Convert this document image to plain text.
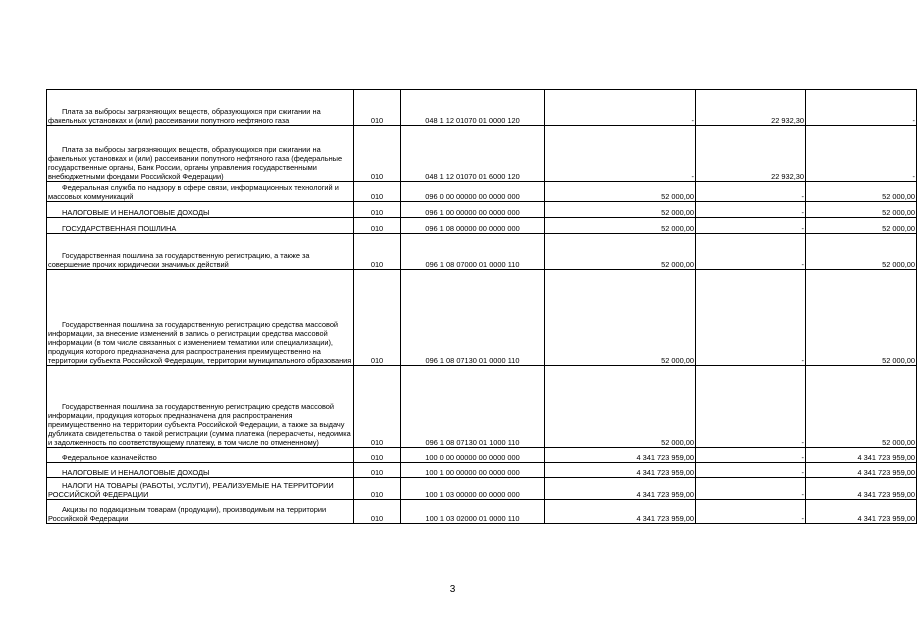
Плата за выбросы загрязняющих веществ, образующихся при сжигании на факельных установках и (или) рассеивании попутного нефтяного газа	010	048 1 12 01070 01 0000 120	-	22 932,30	-

Плата за выбросы загрязняющих веществ, образующихся при сжигании на факельных установках и (или) рассеивании попутного нефтяного газа (федеральные государственные органы, Банк России, органы управления государственными внебюджетными фондами Российской Федерации)	010	048 1 12 01070 01 6000 120	-	22 932,30	-

Федеральная служба по надзору в сфере связи, информационных технологий и массовых коммуникаций	010	096 0 00 00000 00 0000 000	52 000,00	-	52 000,00

НАЛОГОВЫЕ И НЕНАЛОГОВЫЕ ДОХОДЫ	010	096 1 00 00000 00 0000 000	52 000,00	-	52 000,00

ГОСУДАРСТВЕННАЯ ПОШЛИНА	010	096 1 08 00000 00 0000 000	52 000,00	-	52 000,00

Государственная пошлина за государственную регистрацию, а также за совершение прочих юридически значимых действий	010	096 1 08 07000 01 0000 110	52 000,00	-	52 000,00

Государственная пошлина за государственную регистрацию средства массовой информации, за внесение изменений в запись о регистрации средства массовой информации (в том числе связанных с изменением тематики или специализации), продукция которого предназначена для распространения преимущественно на территории субъекта Российской Федерации, территории муниципального образования	010	096 1 08 07130 01 0000 110	52 000,00	-	52 000,00

Государственная пошлина за государственную регистрацию средств массовой информации, продукция которых предназначена для распространения преимущественно на территории субъекта Российской Федерации, а также за выдачу дубликата свидетельства о такой регистрации (сумма платежа (перерасчеты, недоимка и задолженность по соответствующему платежу, в том числе по отмененному)	010	096 1 08 07130 01 1000 110	52 000,00	-	52 000,00

Федеральное казначейство	010	100 0 00 00000 00 0000 000	4 341 723 959,00	-	4 341 723 959,00

НАЛОГОВЫЕ И НЕНАЛОГОВЫЕ ДОХОДЫ	010	100 1 00 00000 00 0000 000	4 341 723 959,00	-	4 341 723 959,00

НАЛОГИ НА ТОВАРЫ (РАБОТЫ, УСЛУГИ), РЕАЛИЗУЕМЫЕ НА ТЕРРИТОРИИ РОССИЙСКОЙ ФЕДЕРАЦИИ	010	100 1 03 00000 00 0000 000	4 341 723 959,00	-	4 341 723 959,00

Акцизы по подакцизным товарам (продукции), производимым на территории Российской Федерации	010	100 1 03 02000 01 0000 110	4 341 723 959,00	-	4 341 723 959,00
3
